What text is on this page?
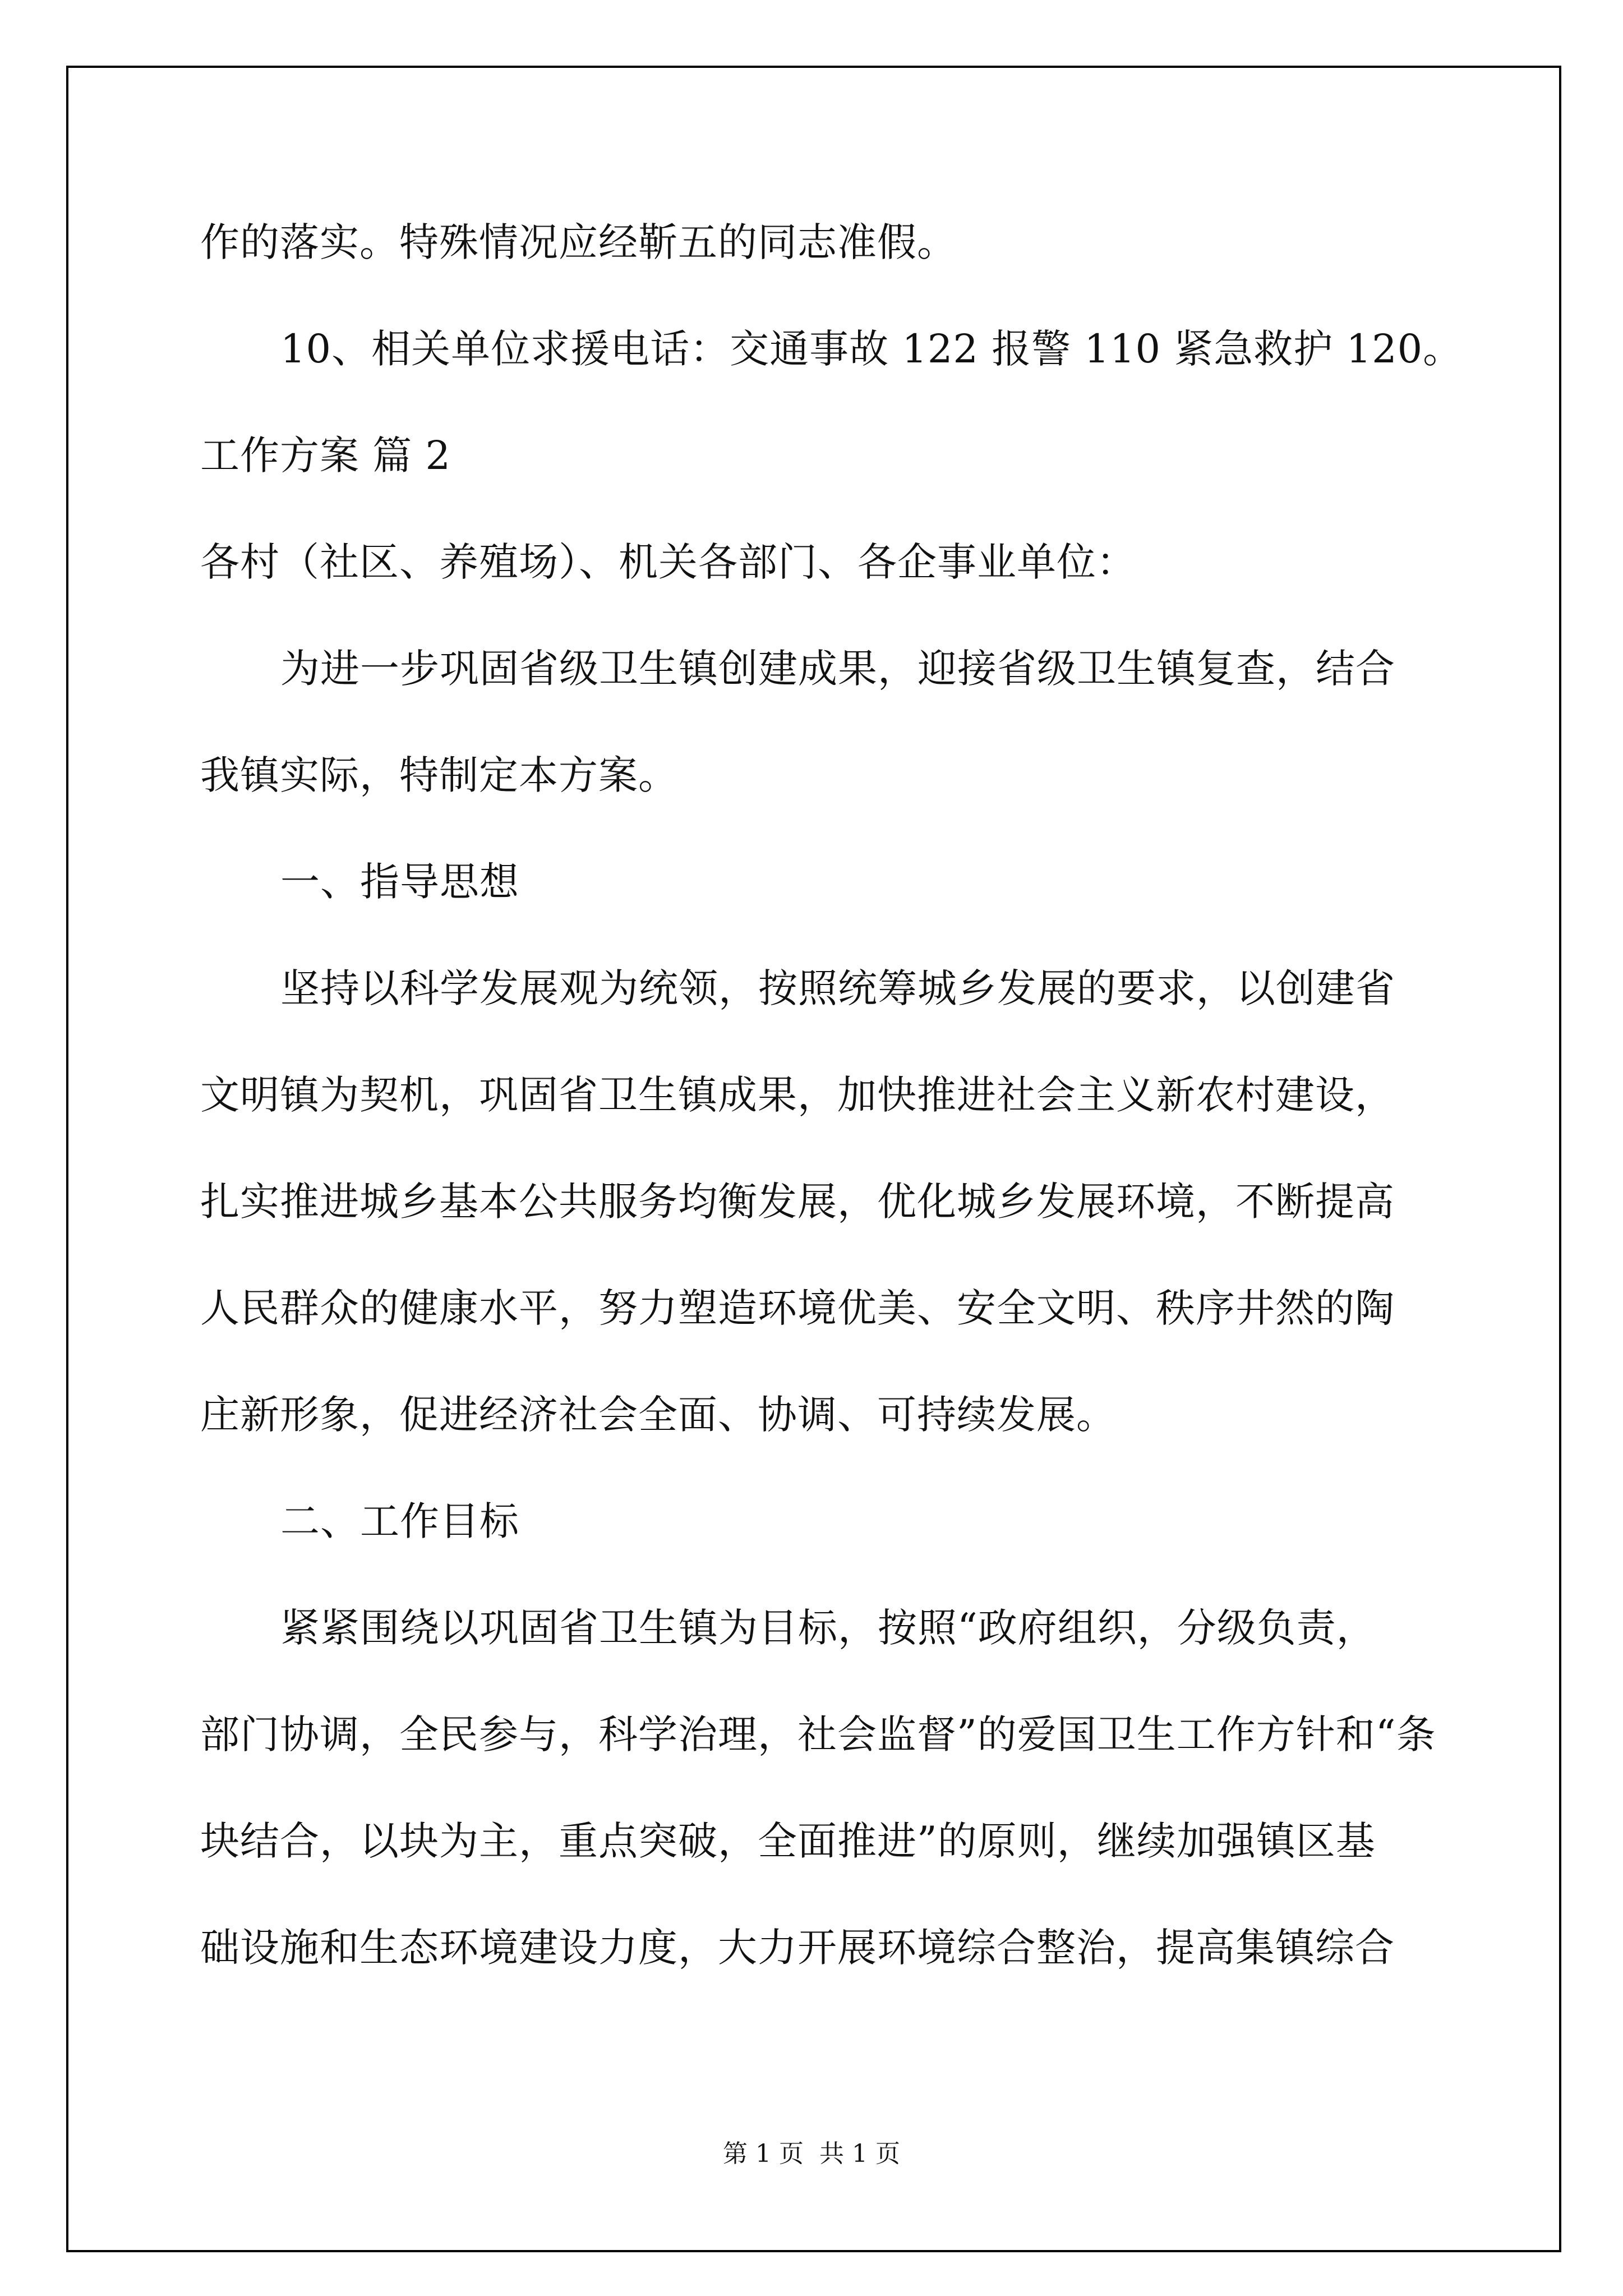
作的落实。特殊情况应经靳五的同志准假。
10、相关单位求援电话：交通事故 122 报警 110 紧急救护 120。
工作方案 篇 2
各村（社区、养殖场）、机关各部门、各企事业单位：
为进一步巩固省级卫生镇创建成果，迎接省级卫生镇复查，结合
我镇实际，特制定本方案。
一、指导思想
坚持以科学发展观为统领，按照统筹城乡发展的要求，以创建省
文明镇为契机，巩固省卫生镇成果，加快推进社会主义新农村建设，
扎实推进城乡基本公共服务均衡发展，优化城乡发展环境，不断提高
人民群众的健康水平，努力塑造环境优美、安全文明、秩序井然的陶
庄新形象，促进经济社会全面、协调、可持续发展。
二、工作目标
紧紧围绕以巩固省卫生镇为目标，按照“政府组织，分级负责，
部门协调，全民参与，科学治理，社会监督”的爱国卫生工作方针和“条
块结合，以块为主，重点突破，全面推进”的原则，继续加强镇区基
础设施和生态环境建设力度，大力开展环境综合整治，提高集镇综合
第 1 页 共 1 页
